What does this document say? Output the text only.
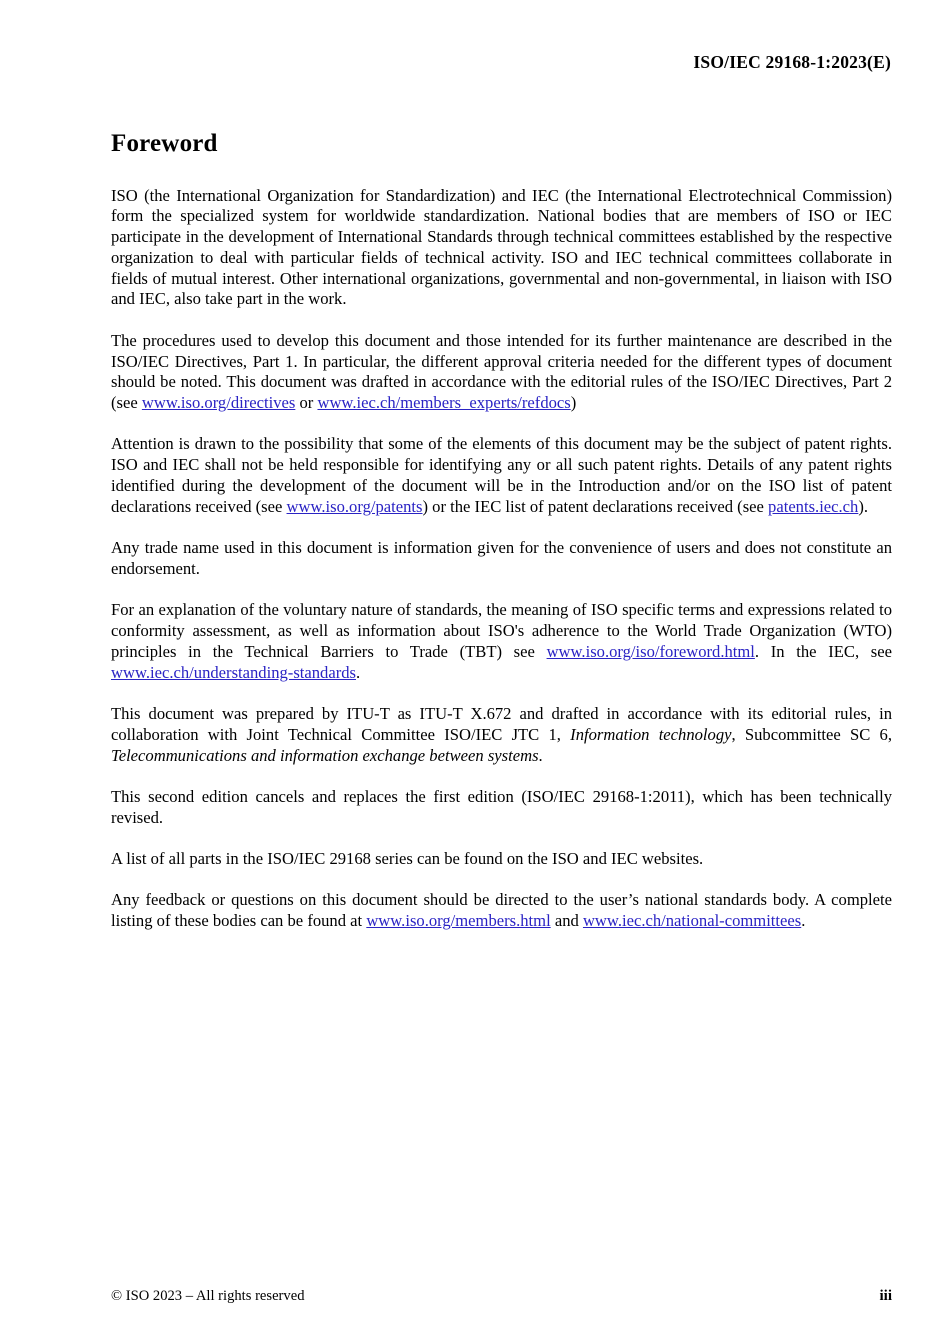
ISO/IEC 29168-1:2023(E)
Foreword

ISO (the International Organization for Standardization) and IEC (the International Electrotechnical Commission) form the specialized system for worldwide standardization. National bodies that are members of ISO or IEC participate in the development of International Standards through technical committees established by the respective organization to deal with particular fields of technical activity. ISO and IEC technical committees collaborate in fields of mutual interest. Other international organizations, governmental and non-governmental, in liaison with ISO and IEC, also take part in the work.

The procedures used to develop this document and those intended for its further maintenance are described in the ISO/IEC Directives, Part 1. In particular, the different approval criteria needed for the different types of document should be noted. This document was drafted in accordance with the editorial rules of the ISO/IEC Directives, Part 2 (see www.iso.org/directives or www.iec.ch/members_experts/refdocs)

Attention is drawn to the possibility that some of the elements of this document may be the subject of patent rights. ISO and IEC shall not be held responsible for identifying any or all such patent rights. Details of any patent rights identified during the development of the document will be in the Introduction and/or on the ISO list of patent declarations received (see www.iso.org/patents) or the IEC list of patent declarations received (see patents.iec.ch).

Any trade name used in this document is information given for the convenience of users and does not constitute an endorsement.

For an explanation of the voluntary nature of standards, the meaning of ISO specific terms and expressions related to conformity assessment, as well as information about ISO's adherence to the World Trade Organization (WTO) principles in the Technical Barriers to Trade (TBT) see www.iso.org/iso/foreword.html. In the IEC, see www.iec.ch/understanding-standards.

This document was prepared by ITU-T as ITU-T X.672 and drafted in accordance with its editorial rules, in collaboration with Joint Technical Committee ISO/IEC JTC 1, Information technology, Subcommittee SC 6, Telecommunications and information exchange between systems.

This second edition cancels and replaces the first edition (ISO/IEC 29168-1:2011), which has been technically revised.

A list of all parts in the ISO/IEC 29168 series can be found on the ISO and IEC websites.

Any feedback or questions on this document should be directed to the user’s national standards body. A complete listing of these bodies can be found at www.iso.org/members.html and www.iec.ch/national-committees.

© ISO 2023 – All rights reserved	iii
